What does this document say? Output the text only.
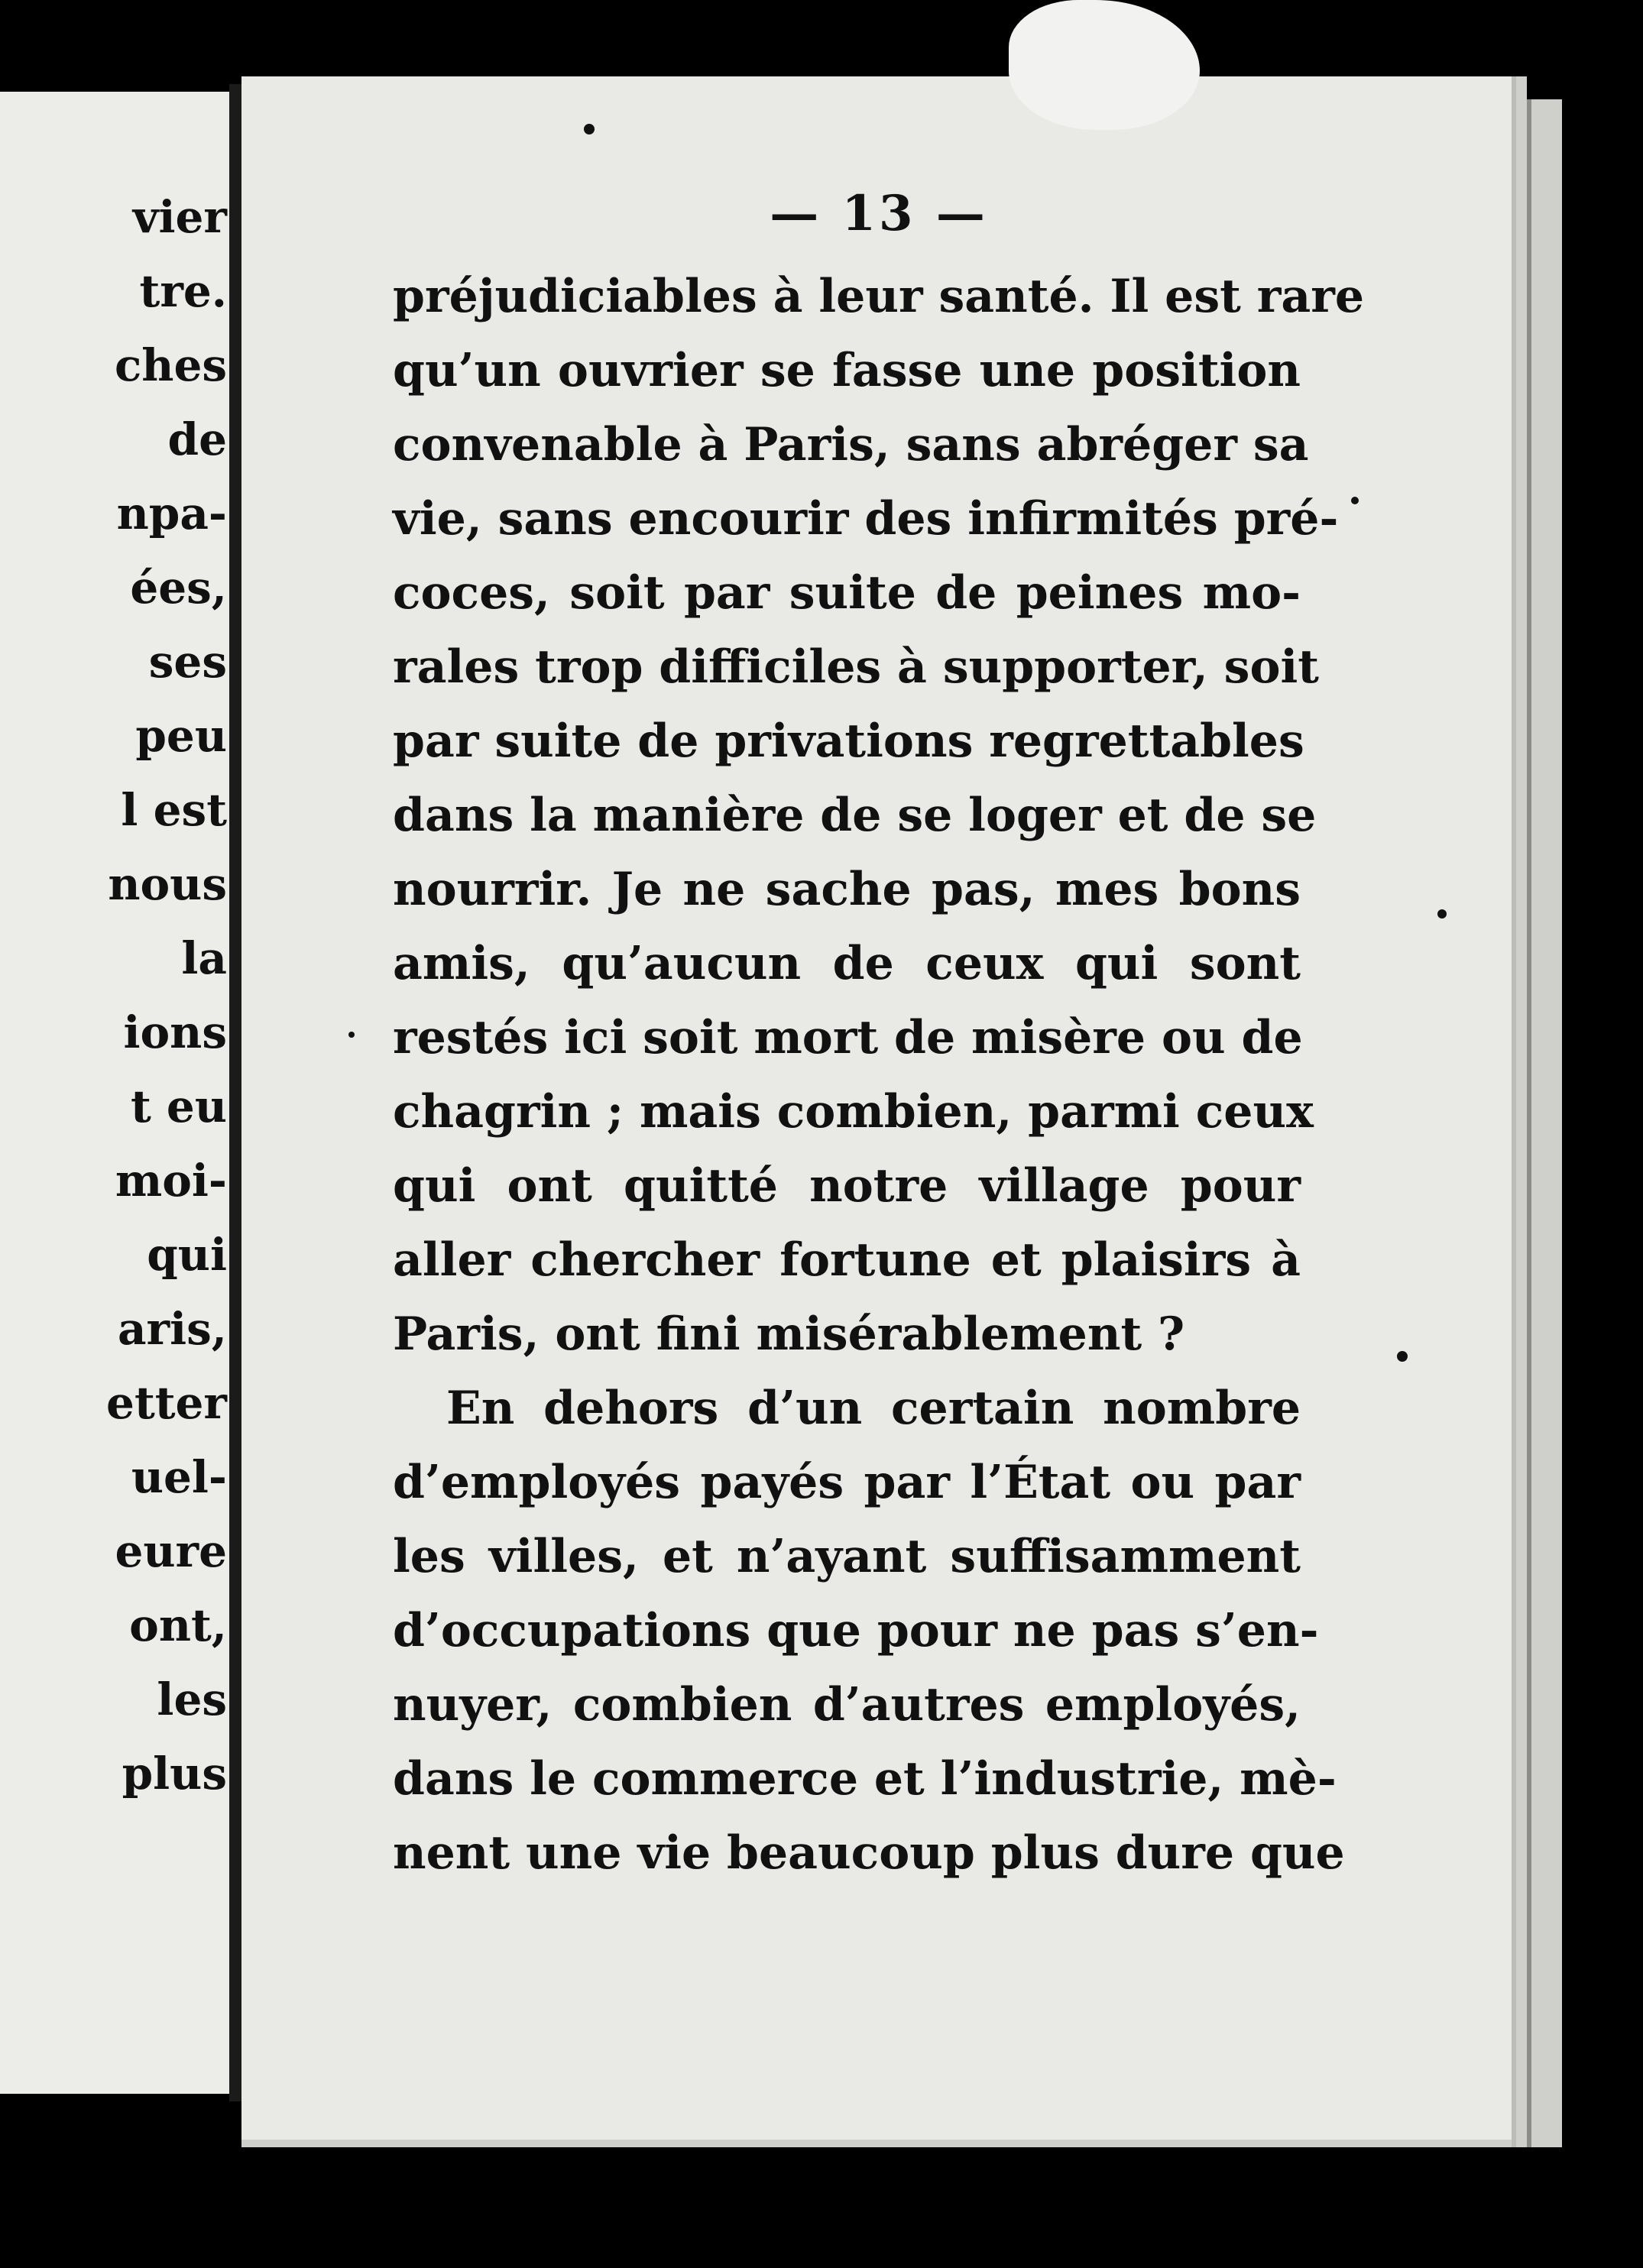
vier
tre.
ches
de
npa-
ées,
ses
peu
l est
nous
la
ions
t eu
moi-
qui
aris,
etter
uel-
eure
ont,
les
plus
— 13 —
préjudiciables à leur santé. Il est rare
qu’un ouvrier se fasse une position
convenable à Paris, sans abréger sa
vie, sans encourir des infirmités pré-
coces, soit par suite de peines mo-
rales trop difficiles à supporter, soit
par suite de privations regrettables
dans la manière de se loger et de se
nourrir. Je ne sache pas, mes bons
amis, qu’aucun de ceux qui sont
restés ici soit mort de misère ou de
chagrin ; mais combien, parmi ceux
qui ont quitté notre village pour
aller chercher fortune et plaisirs à
Paris, ont fini misérablement ?
En dehors d’un certain nombre
d’employés payés par l’État ou par
les villes, et n’ayant suffisamment
d’occupations que pour ne pas s’en-
nuyer, combien d’autres employés,
dans le commerce et l’industrie, mè-
nent une vie beaucoup plus dure que
